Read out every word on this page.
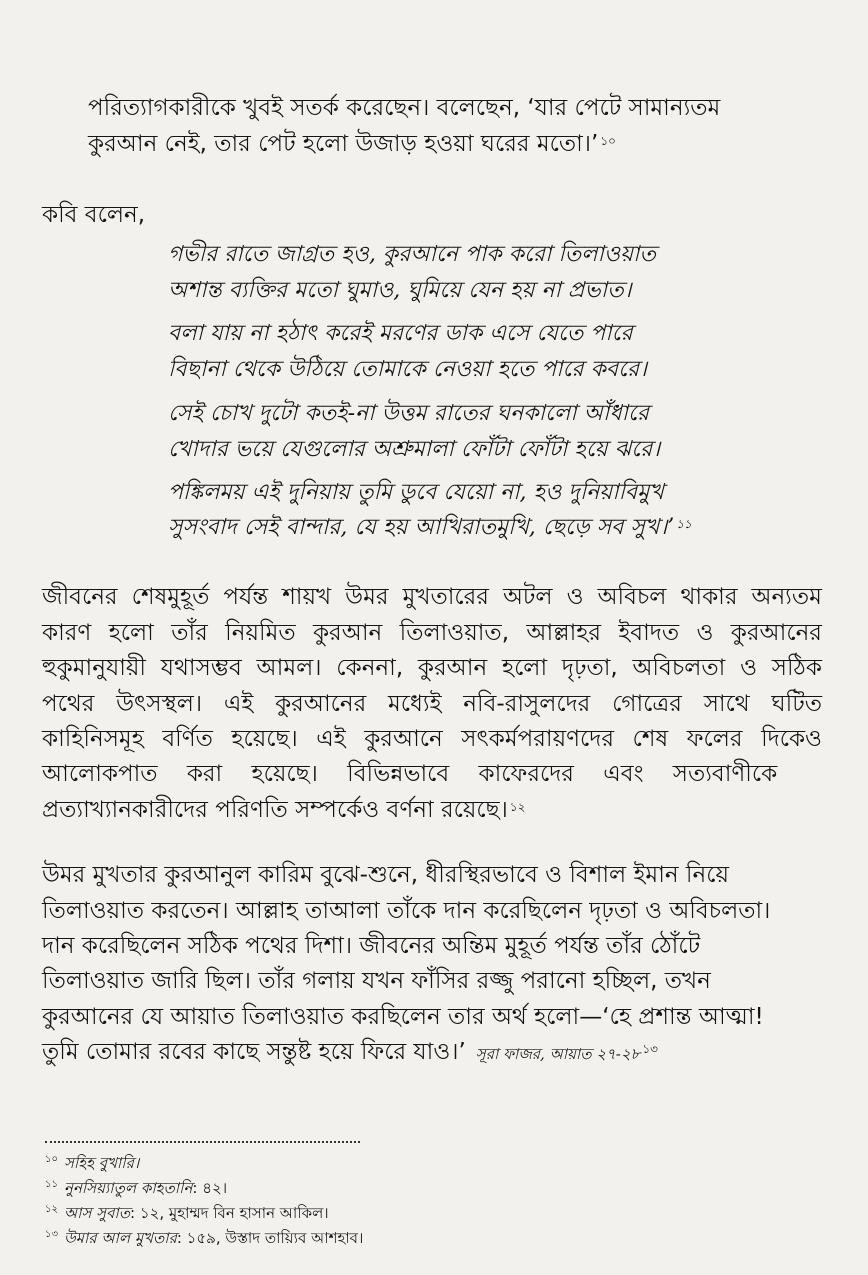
পরিত্যাগকারীকে খুবই সতর্ক করেছেন। বলেছেন, ‘যার পেটে সামান্যতম
কুরআন নেই, তার পেট হলো উজাড় হওয়া ঘরের মতো।’ $^{১০}$
কবি বলেন,
গভীর রাতে জাগ্রত হও, কুরআনে পাক করো তিলাওয়াত
অশান্ত ব্যক্তির মতো ঘুমাও, ঘুমিয়ে যেন হয় না প্রভাত।
বলা যায় না হঠাৎ করেই মরণের ডাক এসে যেতে পারে
বিছানা থেকে উঠিয়ে তোমাকে নেওয়া হতে পারে কবরে।
সেই চোখ দুটো কতই-না উত্তম রাতের ঘনকালো আঁধারে
খোদার ভয়ে যেগুলোর অশ্রুমালা ফোঁটা ফোঁটা হয়ে ঝরে।
পঙ্কিলময় এই দুনিয়ায় তুমি ডুবে যেয়ো না, হও দুনিয়াবিমুখ
সুসংবাদ সেই বান্দার, যে হয় আখিরাতমুখি, ছেড়ে সব সুখ।’ $^{১১}$
জীবনের শেষমুহূর্ত পর্যন্ত শায়খ উমর মুখতারের অটল ও অবিচল থাকার অন্যতম
কারণ হলো তাঁর নিয়মিত কুরআন তিলাওয়াত, আল্লাহর ইবাদত ও কুরআনের
হুকুমানুযায়ী যথাসম্ভব আমল। কেননা, কুরআন হলো দৃঢ়তা, অবিচলতা ও সঠিক
পথের উৎসস্থল। এই কুরআনের মধ্যেই নবি-রাসুলদের গোত্রের সাথে ঘটিত
কাহিনিসমূহ বর্ণিত হয়েছে। এই কুরআনে সৎকর্মপরায়ণদের শেষ ফলের দিকেও
আলোকপাত করা হয়েছে। বিভিন্নভাবে কাফেরদের এবং সত্যবাণীকে
প্রত্যাখ্যানকারীদের পরিণতি সম্পর্কেও বর্ণনা রয়েছে। $^{১২}$
উমর মুখতার কুরআনুল কারিম বুঝে-শুনে, ধীরস্থিরভাবে ও বিশাল ইমান নিয়ে
তিলাওয়াত করতেন। আল্লাহ তাআলা তাঁকে দান করেছিলেন দৃঢ়তা ও অবিচলতা।
দান করেছিলেন সঠিক পথের দিশা। জীবনের অন্তিম মুহূর্ত পর্যন্ত তাঁর ঠোঁটে
তিলাওয়াত জারি ছিল। তাঁর গলায় যখন ফাঁসির রজ্জু পরানো হচ্ছিল, তখন
কুরআনের যে আয়াত তিলাওয়াত করছিলেন তার অর্থ হলো—‘হে প্রশান্ত আত্মা!
তুমি তোমার রবের কাছে সন্তুষ্ট হয়ে ফিরে যাও।’ সূরা ফাজর, আয়াত ২৭-২৮ $^{১৩}$
$^{১০}$ সহিহ বুখারি।
$^{১১}$ নুনসিয়্যাতুল কাহতানি: ৪২।
$^{১২}$ আস সুবাত: ১২, মুহাম্মদ বিন হাসান আকিল।
$^{১৩}$ উমার আল মুখতার: ১৫৯, উস্তাদ তায়্যিব আশহাব।
